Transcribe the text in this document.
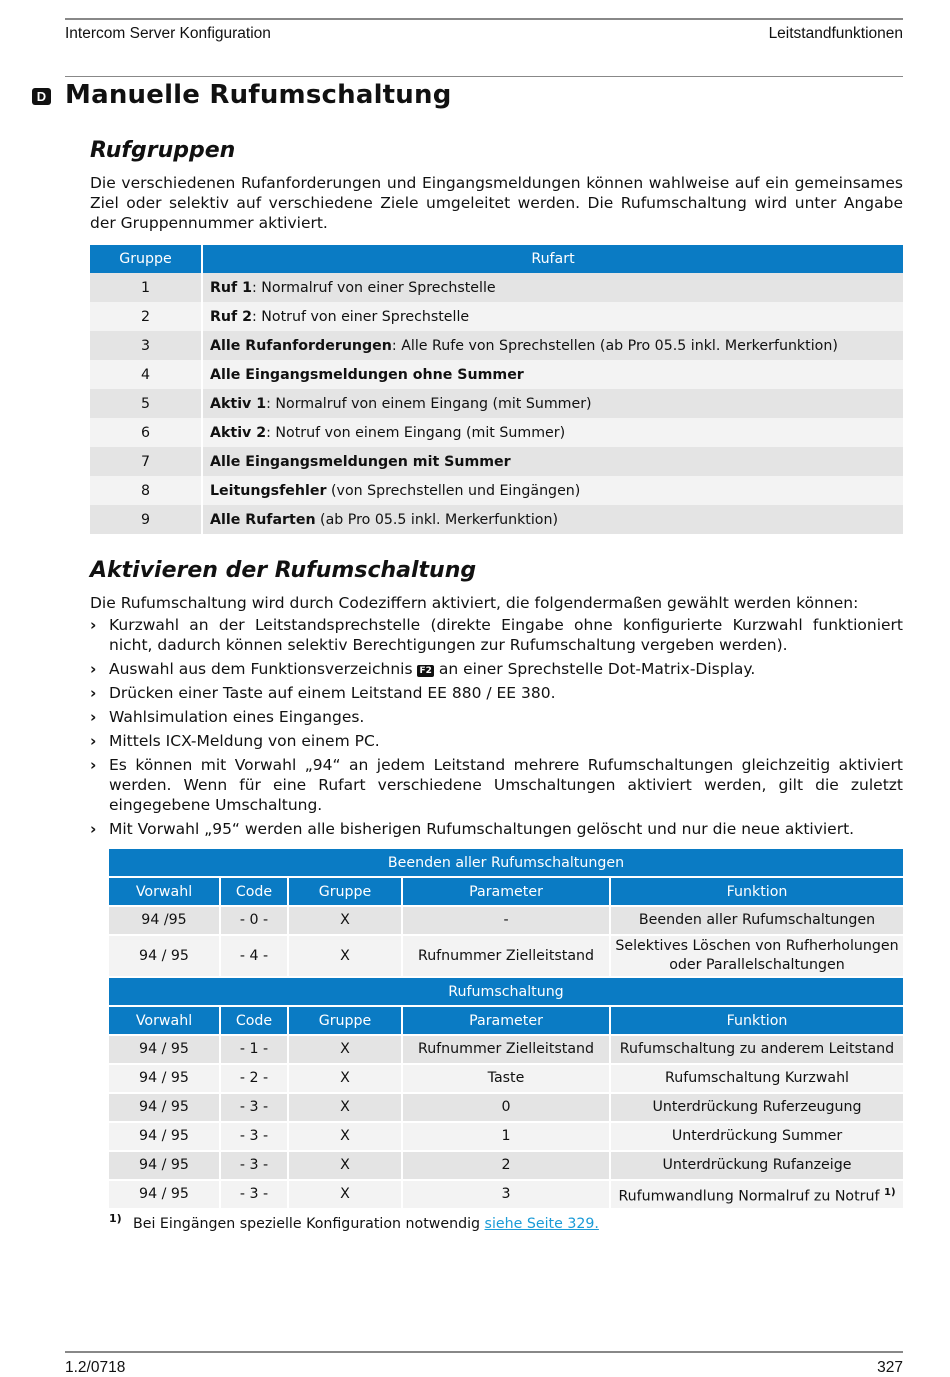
Intercom Server Konfiguration	Leitstandfunktionen
D Manuelle Rufumschaltung
Rufgruppen

Die verschiedenen Rufanforderungen und Eingangsmeldungen können wahlweise auf ein gemeinsames Ziel oder selektiv auf verschiedene Ziele umgeleitet werden. Die Rufumschaltung wird unter Angabe der Gruppennummer aktiviert.

Gruppe	Rufart
1	Ruf 1: Normalruf von einer Sprechstelle
2	Ruf 2: Notruf von einer Sprechstelle
3	Alle Rufanforderungen: Alle Rufe von Sprechstellen (ab Pro 05.5 inkl. Merkerfunktion)
4	Alle Eingangsmeldungen ohne Summer
5	Aktiv 1: Normalruf von einem Eingang (mit Summer)
6	Aktiv 2: Notruf von einem Eingang (mit Summer)
7	Alle Eingangsmeldungen mit Summer
8	Leitungsfehler (von Sprechstellen und Eingängen)
9	Alle Rufarten (ab Pro 05.5 inkl. Merkerfunktion)
Aktivieren der Rufumschaltung

Die Rufumschaltung wird durch Codeziffern aktiviert, die folgendermaßen gewählt werden können:

› Kurzwahl an der Leitstandsprechstelle (direkte Eingabe ohne konfigurierte Kurzwahl funktioniert nicht, dadurch können selektiv Berechtigungen zur Rufumschaltung vergeben werden).
› Auswahl aus dem Funktionsverzeichnis F2 an einer Sprechstelle Dot-Matrix-Display.
› Drücken einer Taste auf einem Leitstand EE 880 / EE 380.
› Wahlsimulation eines Einganges.
› Mittels ICX-Meldung von einem PC.
› Es können mit Vorwahl „94“ an jedem Leitstand mehrere Rufumschaltungen gleichzeitig aktiviert werden. Wenn für eine Rufart verschiedene Umschaltungen aktiviert werden, gilt die zuletzt eingegebene Umschaltung.
› Mit Vorwahl „95“ werden alle bisherigen Rufumschaltungen gelöscht und nur die neue aktiviert.
Beenden aller Rufumschaltungen				
Vorwahl	Code	Gruppe	Parameter	Funktion
94 /95	- 0 -	X	-	Beenden aller Rufumschaltungen
94 / 95	- 4 -	X	Rufnummer Zielleitstand	Selektives Löschen von Rufherholungen oder Parallelschaltungen
Rufumschaltung				
Vorwahl	Code	Gruppe	Parameter	Funktion
94 / 95	- 1 -	X	Rufnummer Zielleitstand	Rufumschaltung zu anderem Leitstand
94 / 95	- 2 -	X	Taste	Rufumschaltung Kurzwahl
94 / 95	- 3 -	X	0	Unterdrückung Ruferzeugung
94 / 95	- 3 -	X	1	Unterdrückung Summer
94 / 95	- 3 -	X	2	Unterdrückung Rufanzeige
94 / 95	- 3 -	X	3	Rufumwandlung Normalruf zu Notruf $^{1)}$
1) Bei Eingängen spezielle Konfiguration notwendig siehe Seite 329.
1.2/0718	327
